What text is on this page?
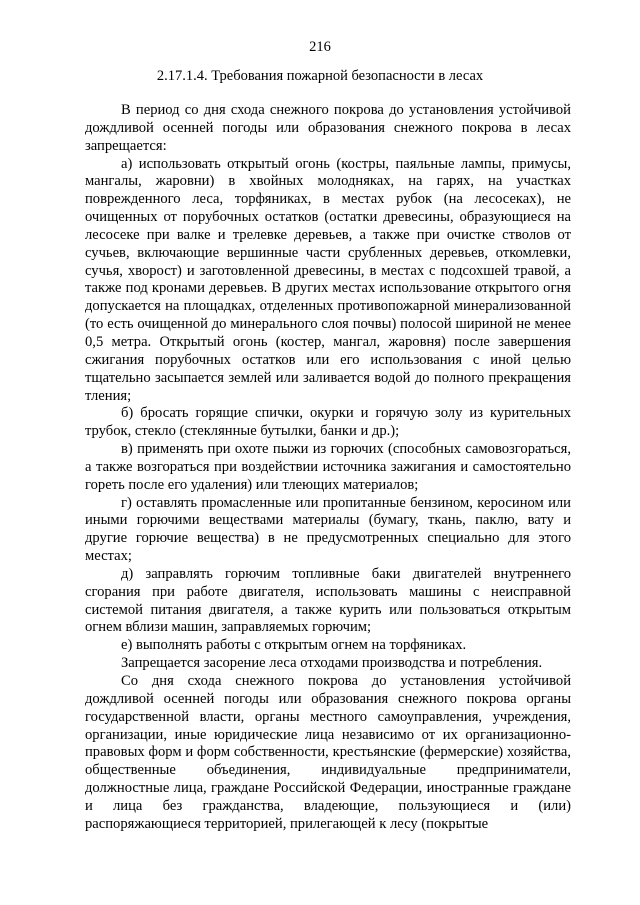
216
2.17.1.4. Требования пожарной безопасности в лесах

В период со дня схода снежного покрова до установления устойчивой дождливой осенней погоды или образования снежного покрова в лесах запрещается:

а) использовать открытый огонь (костры, паяльные лампы, примусы, мангалы, жаровни) в хвойных молодняках, на гарях, на участках поврежденного леса, торфяниках, в местах рубок (на лесосеках), не очищенных от порубочных остатков (остатки древесины, образующиеся на лесосеке при валке и трелевке деревьев, а также при очистке стволов от сучьев, включающие вершинные части срубленных деревьев, откомлевки, сучья, хворост) и заготовленной древесины, в местах с подсохшей травой, а также под кронами деревьев. В других местах использование открытого огня допускается на площадках, отделенных противопожарной минерализованной (то есть очищенной до минерального слоя почвы) полосой шириной не менее 0,5 метра. Открытый огонь (костер, мангал, жаровня) после завершения сжигания порубочных остатков или его использования с иной целью тщательно засыпается землей или заливается водой до полного прекращения тления;

б) бросать горящие спички, окурки и горячую золу из курительных трубок, стекло (стеклянные бутылки, банки и др.);

в) применять при охоте пыжи из горючих (способных самовозгораться, а также возгораться при воздействии источника зажигания и самостоятельно гореть после его удаления) или тлеющих материалов;

г) оставлять промасленные или пропитанные бензином, керосином или иными горючими веществами материалы (бумагу, ткань, паклю, вату и другие горючие вещества) в не предусмотренных специально для этого местах;

д) заправлять горючим топливные баки двигателей внутреннего сгорания при работе двигателя, использовать машины с неисправной системой питания двигателя, а также курить или пользоваться открытым огнем вблизи машин, заправляемых горючим;

е) выполнять работы с открытым огнем на торфяниках.

Запрещается засорение леса отходами производства и потребления.

Со дня схода снежного покрова до установления устойчивой дождливой осенней погоды или образования снежного покрова органы государственной власти, органы местного самоуправления, учреждения, организации, иные юридические лица независимо от их организационно-правовых форм и форм собственности, крестьянские (фермерские) хозяйства, общественные объединения, индивидуальные предприниматели, должностные лица, граждане Российской Федерации, иностранные граждане и лица без гражданства, владеющие, пользующиеся и (или) распоряжающиеся территорией, прилегающей к лесу (покрытые
